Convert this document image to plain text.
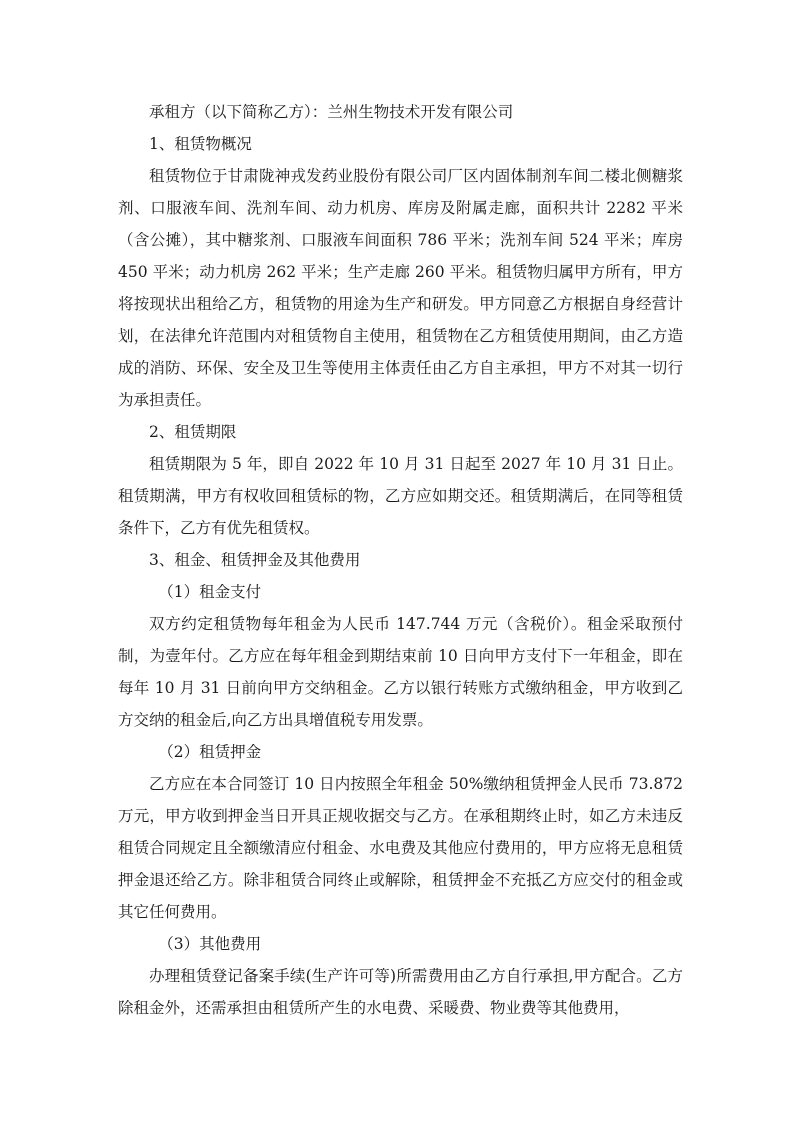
承租方（以下简称乙方）：兰州生物技术开发有限公司

1、租赁物概况

租赁物位于甘肃陇神戎发药业股份有限公司厂区内固体制剂车间二楼北侧糖浆剂、口服液车间、洗剂车间、动力机房、库房及附属走廊，面积共计 2282 平米（含公摊），其中糖浆剂、口服液车间面积 786 平米；洗剂车间 524 平米；库房 450 平米；动力机房 262 平米；生产走廊 260 平米。租赁物归属甲方所有，甲方将按现状出租给乙方，租赁物的用途为生产和研发。甲方同意乙方根据自身经营计划，在法律允许范围内对租赁物自主使用，租赁物在乙方租赁使用期间，由乙方造成的消防、环保、安全及卫生等使用主体责任由乙方自主承担，甲方不对其一切行为承担责任。

2、租赁期限

租赁期限为 5 年，即自 2022 年 10 月 31 日起至 2027 年 10 月 31 日止。租赁期满，甲方有权收回租赁标的物，乙方应如期交还。租赁期满后，在同等租赁条件下，乙方有优先租赁权。

3、租金、租赁押金及其他费用

（1）租金支付

双方约定租赁物每年租金为人民币 147.744 万元（含税价）。租金采取预付制，为壹年付。乙方应在每年租金到期结束前 10 日向甲方支付下一年租金，即在每年 10 月 31 日前向甲方交纳租金。乙方以银行转账方式缴纳租金，甲方收到乙方交纳的租金后,向乙方出具增值税专用发票。

（2）租赁押金

乙方应在本合同签订 10 日内按照全年租金 50%缴纳租赁押金人民币 73.872 万元，甲方收到押金当日开具正规收据交与乙方。在承租期终止时，如乙方未违反租赁合同规定且全额缴清应付租金、水电费及其他应付费用的，甲方应将无息租赁押金退还给乙方。除非租赁合同终止或解除，租赁押金不充抵乙方应交付的租金或其它任何费用。

（3）其他费用

办理租赁登记备案手续(生产许可等)所需费用由乙方自行承担,甲方配合。乙方除租金外，还需承担由租赁所产生的水电费、采暖费、物业费等其他费用，
